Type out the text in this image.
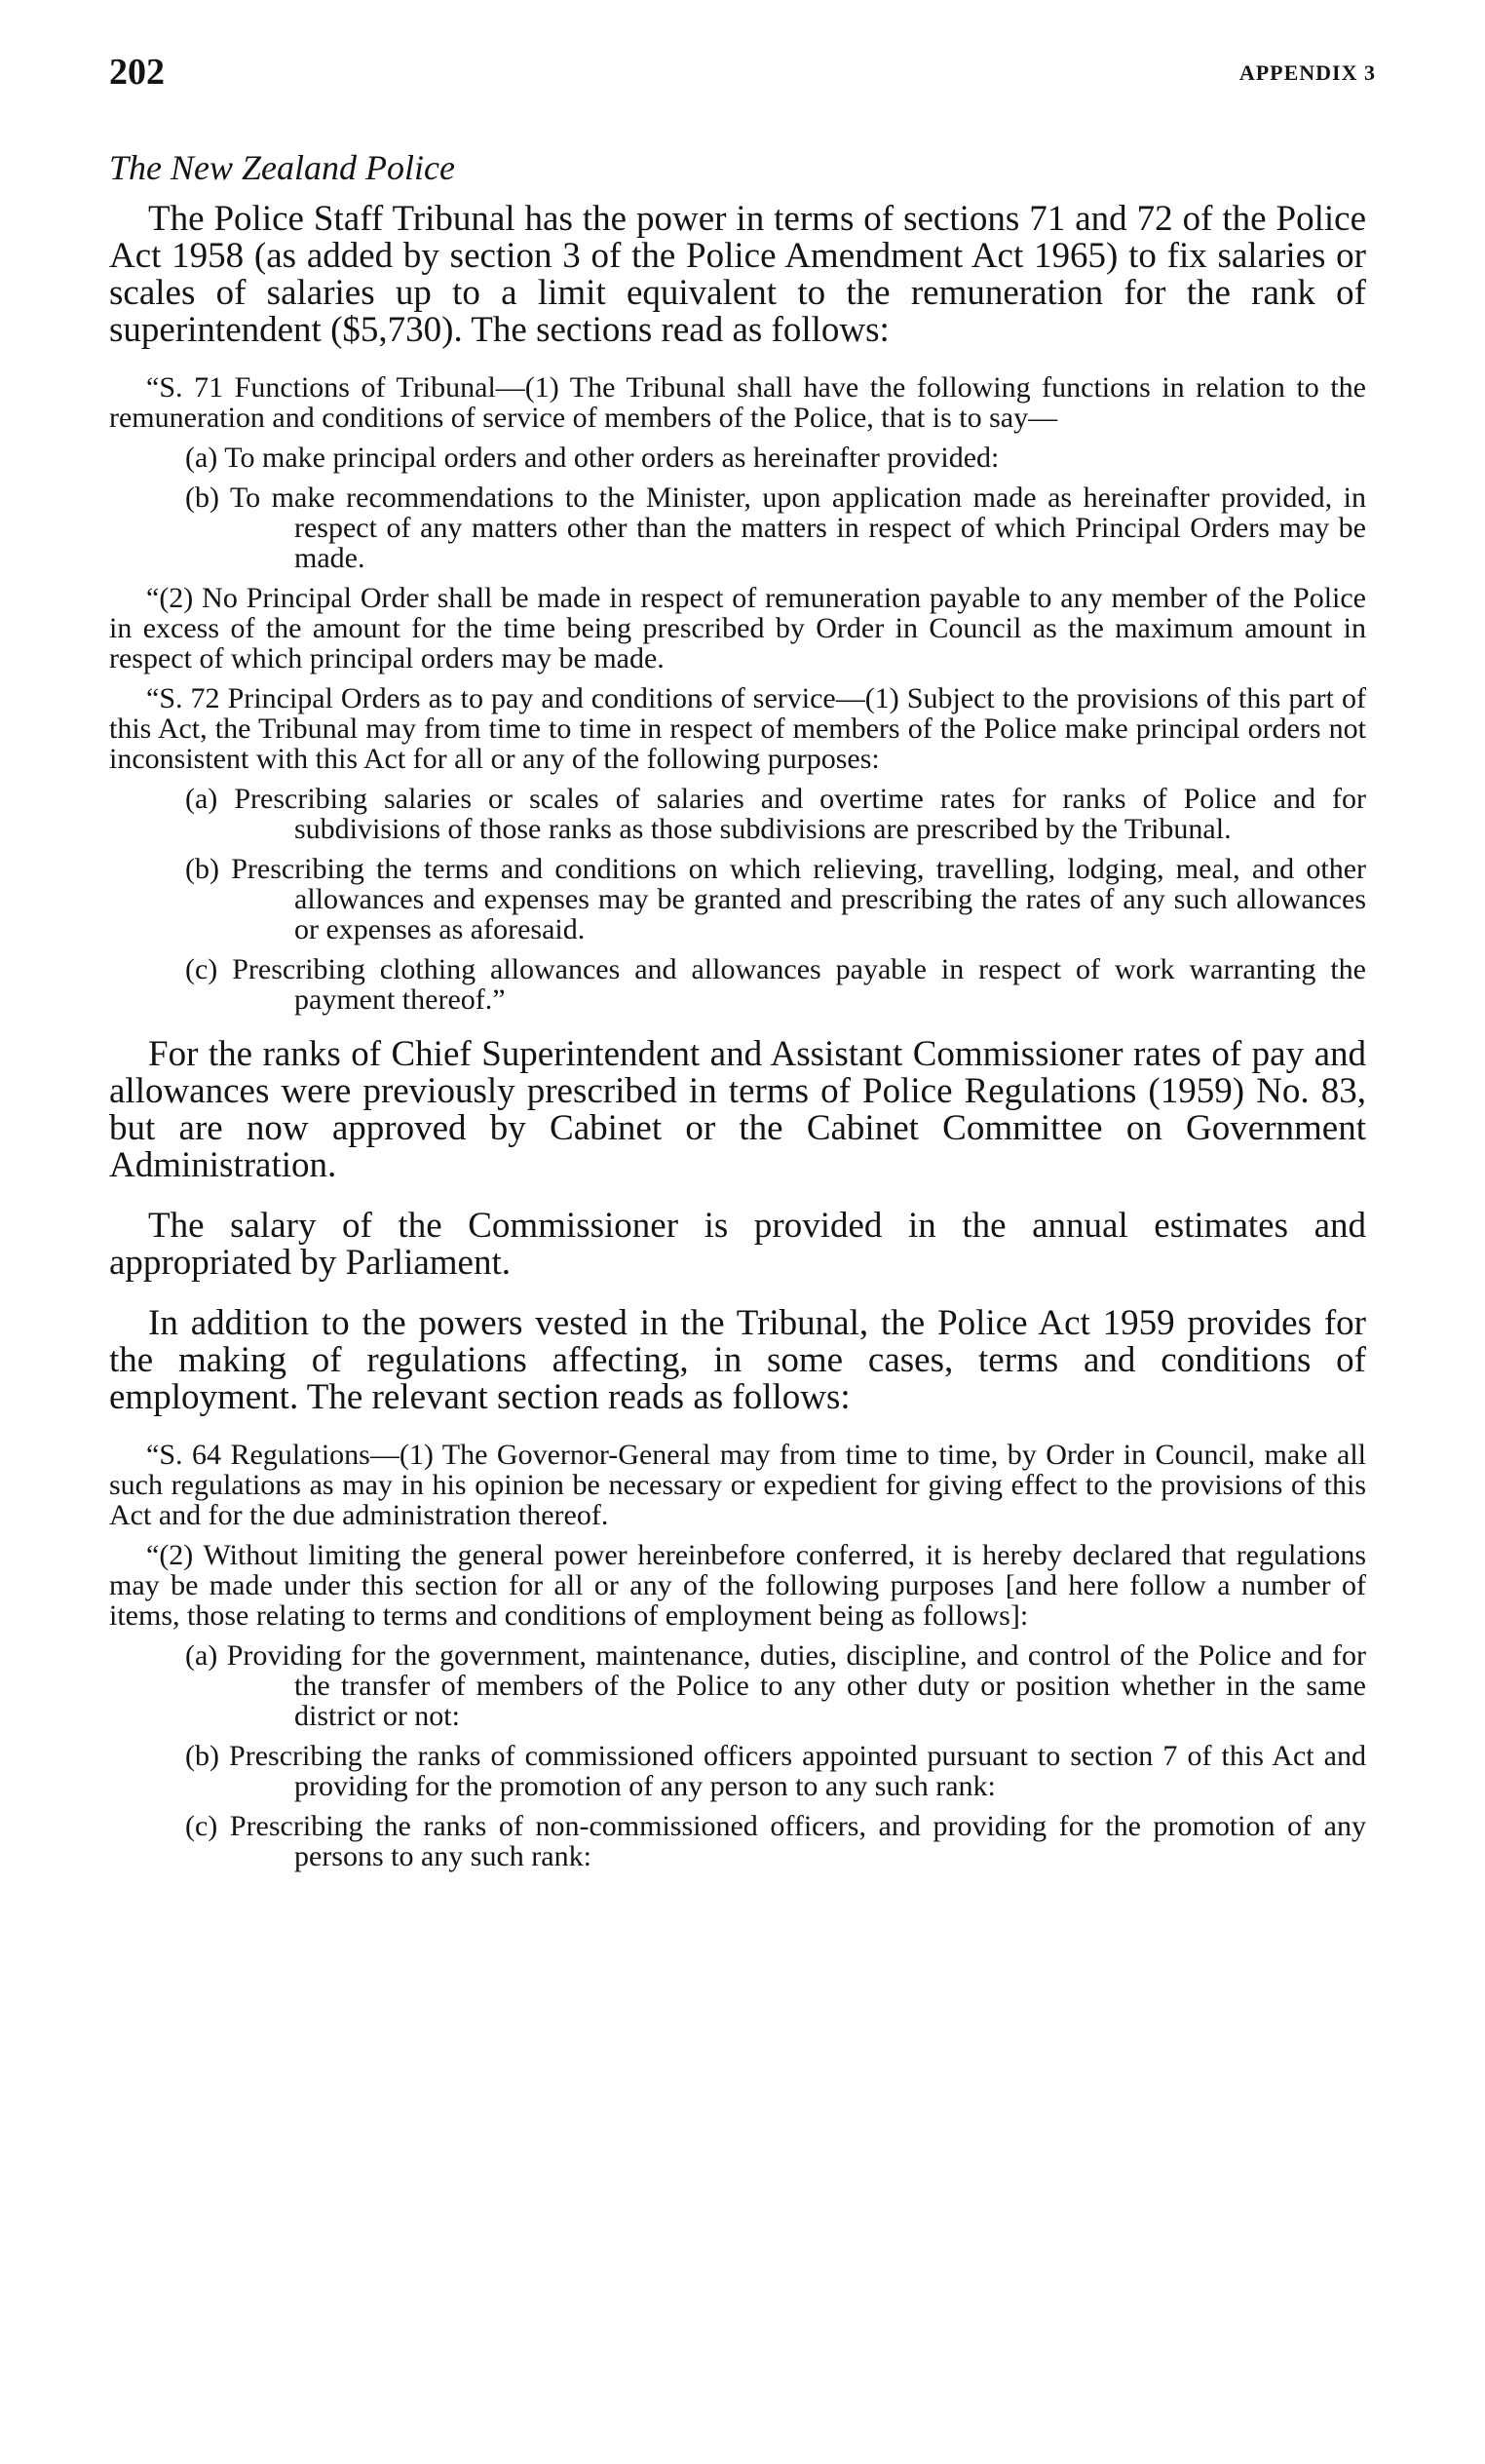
202	APPENDIX 3
The New Zealand Police

The Police Staff Tribunal has the power in terms of sections 71 and 72 of the Police Act 1958 (as added by section 3 of the Police Amendment Act 1965) to fix salaries or scales of salaries up to a limit equivalent to the remuneration for the rank of superintendent ($5,730). The sections read as follows:

“S. 71 Functions of Tribunal—(1) The Tribunal shall have the following functions in relation to the remuneration and conditions of service of members of the Police, that is to say—
(a) To make principal orders and other orders as hereinafter provided:
(b) To make recommendations to the Minister, upon application made as hereinafter provided, in respect of any matters other than the matters in respect of which Principal Orders may be made.
“(2) No Principal Order shall be made in respect of remuneration payable to any member of the Police in excess of the amount for the time being prescribed by Order in Council as the maximum amount in respect of which principal orders may be made.
“S. 72 Principal Orders as to pay and conditions of service—(1) Subject to the provisions of this part of this Act, the Tribunal may from time to time in respect of members of the Police make principal orders not inconsistent with this Act for all or any of the following purposes:
(a) Prescribing salaries or scales of salaries and overtime rates for ranks of Police and for subdivisions of those ranks as those subdivisions are prescribed by the Tribunal.
(b) Prescribing the terms and conditions on which relieving, travelling, lodging, meal, and other allowances and expenses may be granted and prescribing the rates of any such allowances or expenses as aforesaid.
(c) Prescribing clothing allowances and allowances payable in respect of work warranting the payment thereof.”

For the ranks of Chief Superintendent and Assistant Commissioner rates of pay and allowances were previously prescribed in terms of Police Regulations (1959) No. 83, but are now approved by Cabinet or the Cabinet Committee on Government Administration.

The salary of the Commissioner is provided in the annual estimates and appropriated by Parliament.

In addition to the powers vested in the Tribunal, the Police Act 1959 provides for the making of regulations affecting, in some cases, terms and conditions of employment. The relevant section reads as follows:

“S. 64 Regulations—(1) The Governor-General may from time to time, by Order in Council, make all such regulations as may in his opinion be necessary or expedient for giving effect to the provisions of this Act and for the due administration thereof.
“(2) Without limiting the general power hereinbefore conferred, it is hereby declared that regulations may be made under this section for all or any of the following purposes [and here follow a number of items, those relating to terms and conditions of employment being as follows]:
(a) Providing for the government, maintenance, duties, discipline, and control of the Police and for the transfer of members of the Police to any other duty or position whether in the same district or not:
(b) Prescribing the ranks of commissioned officers appointed pursuant to section 7 of this Act and providing for the promotion of any person to any such rank:
(c) Prescribing the ranks of non-commissioned officers, and providing for the promotion of any persons to any such rank:
